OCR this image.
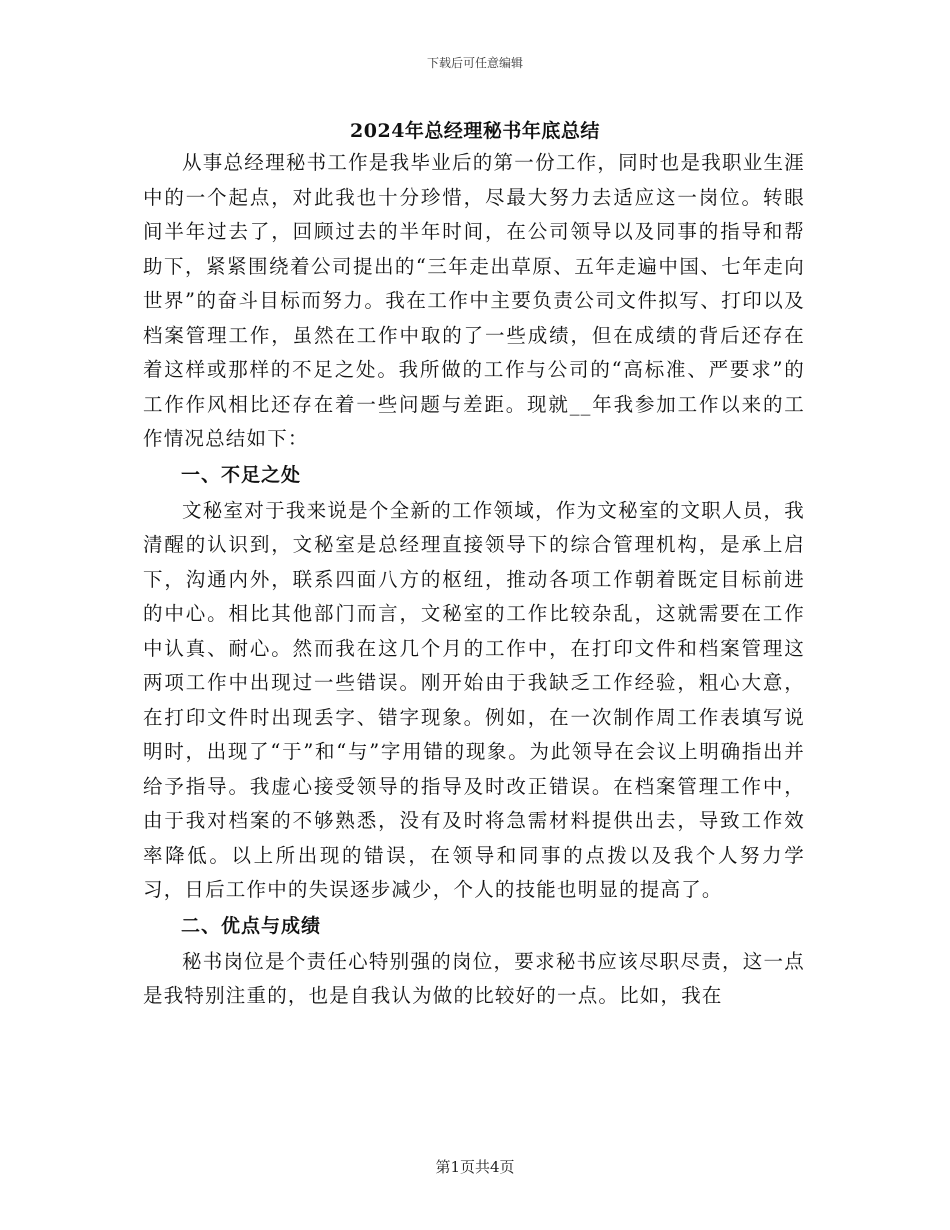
下载后可任意编辑
2024年总经理秘书年底总结

从事总经理秘书工作是我毕业后的第一份工作，同时也是我职业生涯中的一个起点，对此我也十分珍惜，尽最大努力去适应这一岗位。转眼间半年过去了，回顾过去的半年时间，在公司领导以及同事的指导和帮助下，紧紧围绕着公司提出的“三年走出草原、五年走遍中国、七年走向世界”的奋斗目标而努力。我在工作中主要负责公司文件拟写、打印以及档案管理工作，虽然在工作中取的了一些成绩，但在成绩的背后还存在着这样或那样的不足之处。我所做的工作与公司的“高标准、严要求”的工作作风相比还存在着一些问题与差距。现就__年我参加工作以来的工作情况总结如下：

一、不足之处

文秘室对于我来说是个全新的工作领域，作为文秘室的文职人员，我清醒的认识到，文秘室是总经理直接领导下的综合管理机构，是承上启下，沟通内外，联系四面八方的枢纽，推动各项工作朝着既定目标前进的中心。相比其他部门而言，文秘室的工作比较杂乱，这就需要在工作中认真、耐心。然而我在这几个月的工作中，在打印文件和档案管理这两项工作中出现过一些错误。刚开始由于我缺乏工作经验，粗心大意，在打印文件时出现丢字、错字现象。例如，在一次制作周工作表填写说明时，出现了“于”和“与”字用错的现象。为此领导在会议上明确指出并给予指导。我虚心接受领导的指导及时改正错误。在档案管理工作中，由于我对档案的不够熟悉，没有及时将急需材料提供出去，导致工作效率降低。以上所出现的错误，在领导和同事的点拨以及我个人努力学习，日后工作中的失误逐步减少，个人的技能也明显的提高了。

二、优点与成绩

秘书岗位是个责任心特别强的岗位，要求秘书应该尽职尽责，这一点是我特别注重的，也是自我认为做的比较好的一点。比如，我在

第1页共4页
